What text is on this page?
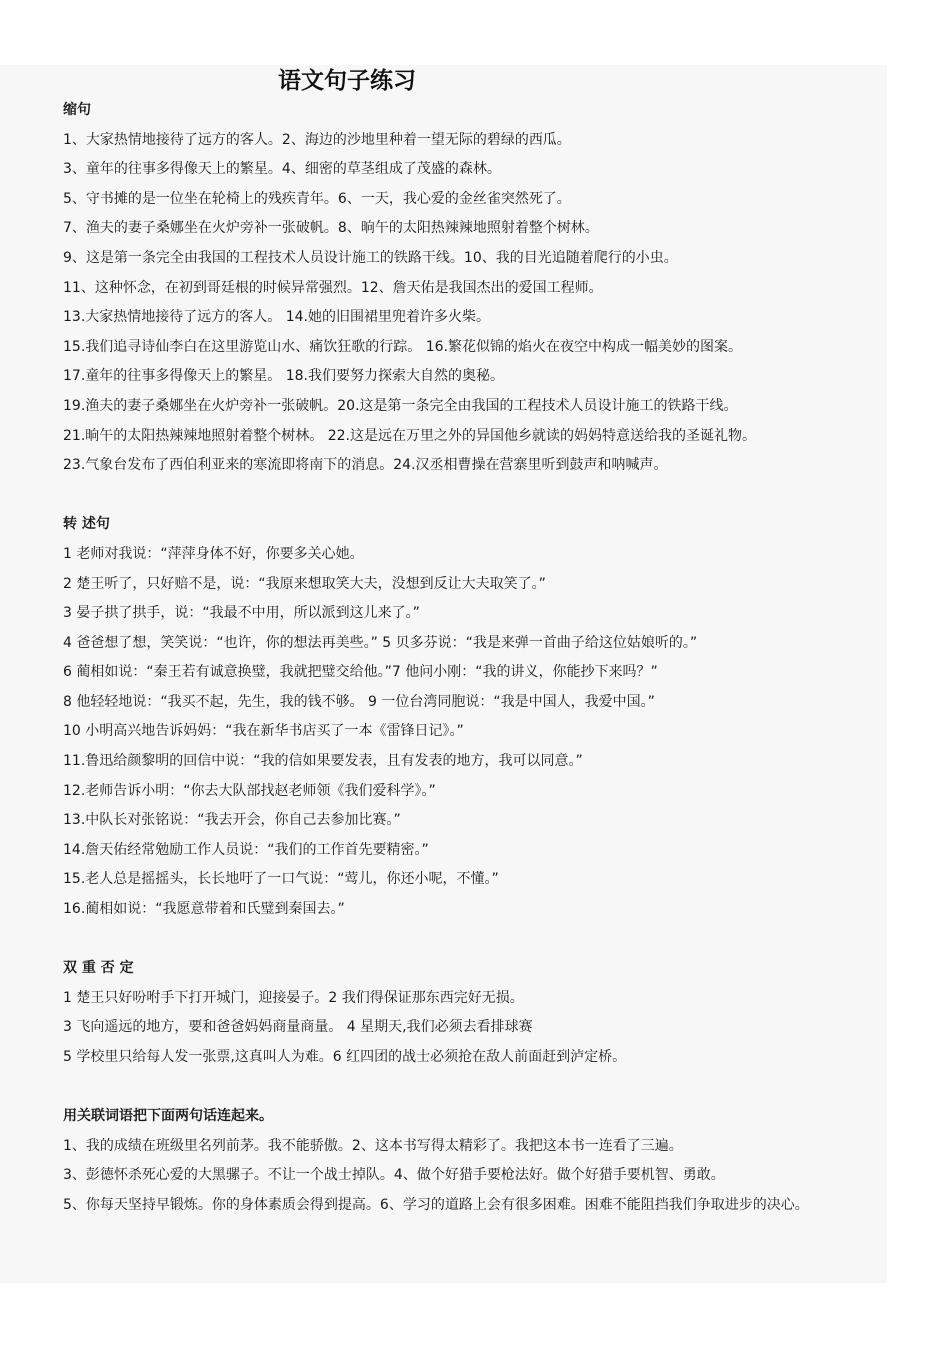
语文句子练习
缩句
1、大家热情地接待了远方的客人。2、海边的沙地里种着一望无际的碧绿的西瓜。
3、童年的往事多得像天上的繁星。4、细密的草茎组成了茂盛的森林。
5、守书摊的是一位坐在轮椅上的残疾青年。6、一天，我心爱的金丝雀突然死了。
7、渔夫的妻子桑娜坐在火炉旁补一张破帆。8、晌午的太阳热辣辣地照射着整个树林。
9、这是第一条完全由我国的工程技术人员设计施工的铁路干线。10、我的目光追随着爬行的小虫。
11、这种怀念，在初到哥廷根的时候异常强烈。12、詹天佑是我国杰出的爱国工程师。
13.大家热情地接待了远方的客人。 14.她的旧围裙里兜着许多火柴。
15.我们追寻诗仙李白在这里游览山水、痛饮狂歌的行踪。 16.繁花似锦的焰火在夜空中构成一幅美妙的图案。
17.童年的往事多得像天上的繁星。 18.我们要努力探索大自然的奥秘。
19.渔夫的妻子桑娜坐在火炉旁补一张破帆。20.这是第一条完全由我国的工程技术人员设计施工的铁路干线。
21.晌午的太阳热辣辣地照射着整个树林。 22.这是远在万里之外的异国他乡就读的妈妈特意送给我的圣诞礼物。
23.气象台发布了西伯利亚来的寒流即将南下的消息。24.汉丞相曹操在营寨里听到鼓声和呐喊声。
转 述句
1 老师对我说：“萍萍身体不好，你要多关心她。
2 楚王听了，只好赔不是，说：“我原来想取笑大夫，没想到反让大夫取笑了。”
3 晏子拱了拱手，说：“我最不中用，所以派到这儿来了。”
4 爸爸想了想，笑笑说：“也许，你的想法再美些。” 5 贝多芬说：“我是来弹一首曲子给这位姑娘听的。”
6 蔺相如说：“秦王若有诚意换璧，我就把璧交给他。”7 他问小刚：“我的讲义，你能抄下来吗？”
8 他轻轻地说：“我买不起，先生，我的钱不够。 9 一位台湾同胞说：“我是中国人，我爱中国。”
10 小明高兴地告诉妈妈：“我在新华书店买了一本《雷锋日记》。”
11.鲁迅给颜黎明的回信中说：“我的信如果要发表，且有发表的地方，我可以同意。”
12.老师告诉小明：“你去大队部找赵老师领《我们爱科学》。”
13.中队长对张铭说：“我去开会，你自己去参加比赛。”
14.詹天佑经常勉励工作人员说：“我们的工作首先要精密。”
15.老人总是摇摇头，长长地吁了一口气说：“莺儿，你还小呢，不懂。”
16.蔺相如说：“我愿意带着和氏璧到秦国去。”
双 重 否 定
1 楚王只好吩咐手下打开城门，迎接晏子。2 我们得保证那东西完好无损。
3 飞向遥远的地方，要和爸爸妈妈商量商量。 4 星期天,我们必须去看排球赛
5 学校里只给每人发一张票,这真叫人为难。6 红四团的战士必须抢在敌人前面赶到泸定桥。
用关联词语把下面两句话连起来。
1、我的成绩在班级里名列前茅。我不能骄傲。2、这本书写得太精彩了。我把这本书一连看了三遍。
3、彭德怀杀死心爱的大黑骡子。不让一个战士掉队。4、做个好猎手要枪法好。做个好猎手要机智、勇敢。
5、你每天坚持早锻炼。你的身体素质会得到提高。6、学习的道路上会有很多困难。困难不能阻挡我们争取进步的决心。
